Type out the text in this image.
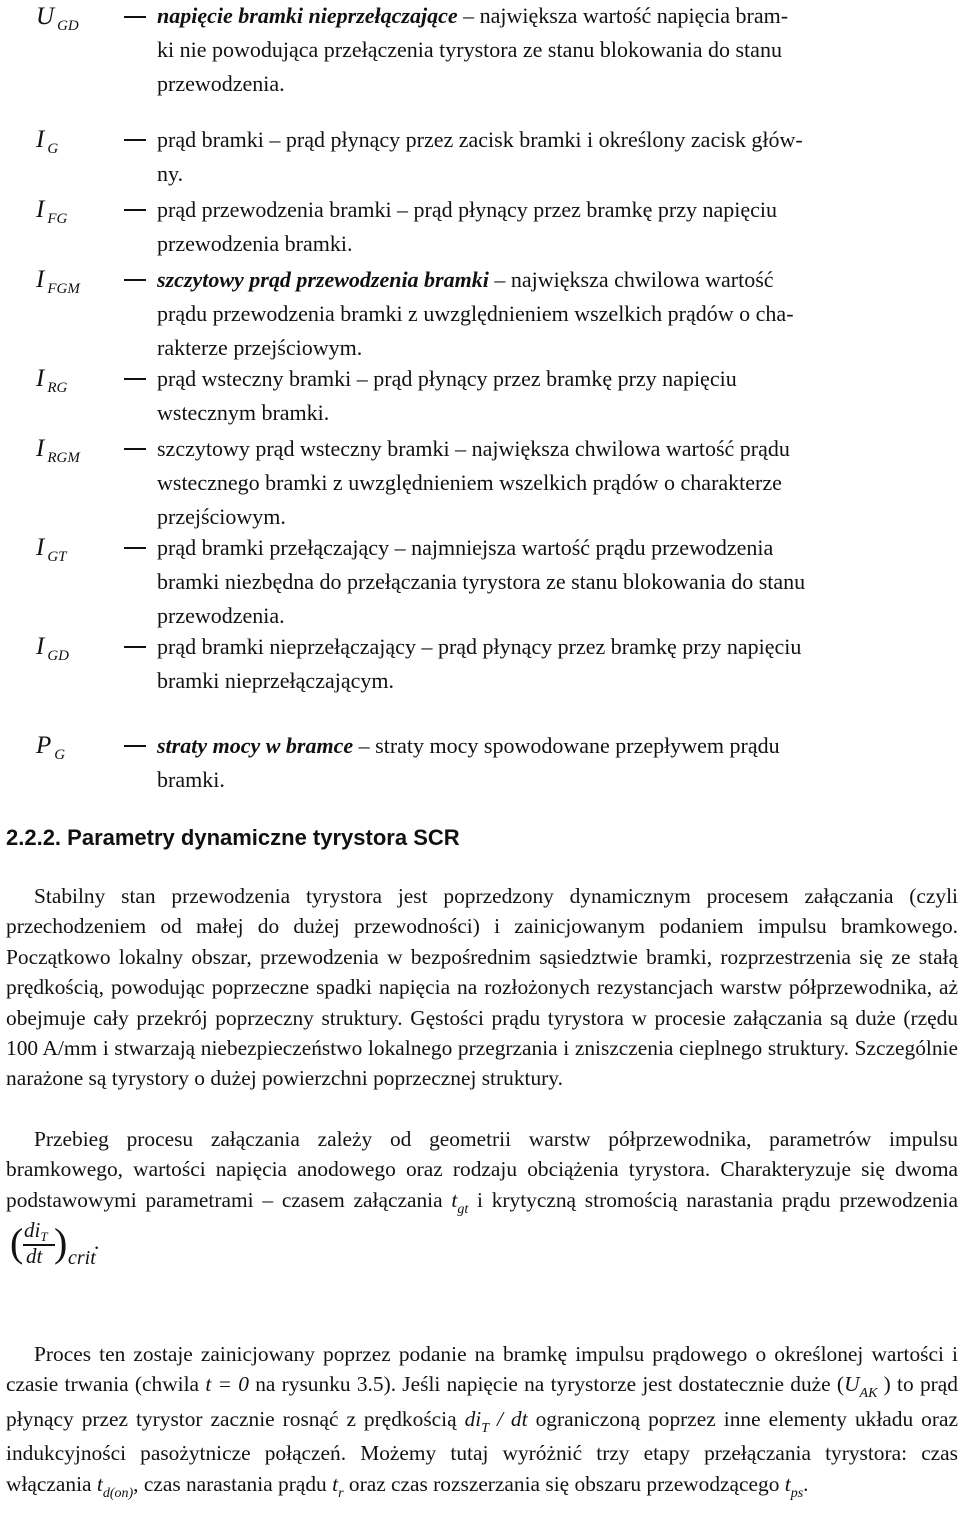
U $_{GD}$	napięcie bramki nieprzełączające – największa wartość napięcia bram-
ki nie powodująca przełączenia tyrystora ze stanu blokowania do stanu
przewodzenia.
I $_G$	prąd bramki – prąd płynący przez zacisk bramki i określony zacisk głów-
ny.
I $_{FG}$	prąd przewodzenia bramki – prąd płynący przez bramkę przy napięciu
przewodzenia bramki.
I $_{FGM}$	szczytowy prąd przewodzenia bramki – największa chwilowa wartość
prądu przewodzenia bramki z uwzględnieniem wszelkich prądów o cha-
rakterze przejściowym.
I $_{RG}$	prąd wsteczny bramki – prąd płynący przez bramkę przy napięciu
wstecznym bramki.
I $_{RGM}$	szczytowy prąd wsteczny bramki – największa chwilowa wartość prądu
wstecznego bramki z uwzględnieniem wszelkich prądów o charakterze
przejściowym.
I $_{GT}$	prąd bramki przełączający – najmniejsza wartość prądu przewodzenia
bramki niezbędna do przełączania tyrystora ze stanu blokowania do stanu
przewodzenia.
I $_{GD}$	prąd bramki nieprzełączający – prąd płynący przez bramkę przy napięciu
bramki nieprzełączającym.
P $_G$	straty mocy w bramce – straty mocy spowodowane przepływem prądu
bramki.
2.2.2. Parametry dynamiczne tyrystora SCR
Stabilny stan przewodzenia tyrystora jest poprzedzony dynamicznym procesem załączania (czyli przechodzeniem od małej do dużej przewodności) i zainicjowanym podaniem impulsu bramkowego. Początkowo lokalny obszar, przewodzenia w bezpośrednim sąsiedztwie bramki, rozprzestrzenia się ze stałą prędkością, powodując poprzeczne spadki napięcia na rozłożonych rezystancjach warstw półprzewodnika, aż obejmuje cały przekrój poprzeczny struktury. Gęstości prądu tyrystora w procesie załączania są duże (rzędu 100 A/mm i stwarzają niebezpieczeństwo lokalnego przegrzania i zniszczenia cieplnego struktury. Szczególnie narażone są tyrystory o dużej powierzchni poprzecznej struktury.
Przebieg procesu załączania zależy od geometrii warstw półprzewodnika, parametrów impulsu bramkowego, wartości napięcia anodowego oraz rodzaju obciążenia tyrystora. Charakteryzuje się dwoma podstawowymi parametrami – czasem załączania $t_{gt}$ i krytyczną stromością narastania prądu przewodzenia
( diT
dt ) crit
.
Proces ten zostaje zainicjowany poprzez podanie na bramkę impulsu prądowego o określonej wartości i czasie trwania (chwila t = 0 na rysunku 3.5). Jeśli napięcie na tyrystorze jest dostatecznie duże ($U_{AK}$ ) to prąd płynący przez tyrystor zacznie rosnąć z prędkością $di_T$ / dt ograniczoną poprzez inne elementy układu oraz indukcyjności pasożytnicze połączeń. Możemy tutaj wyróżnić trzy etapy przełączania tyrystora: czas włączania $t_{d(on)}$, czas narastania prądu $t_r$ oraz czas rozszerzania się obszaru przewodzącego $t_{ps}$.
